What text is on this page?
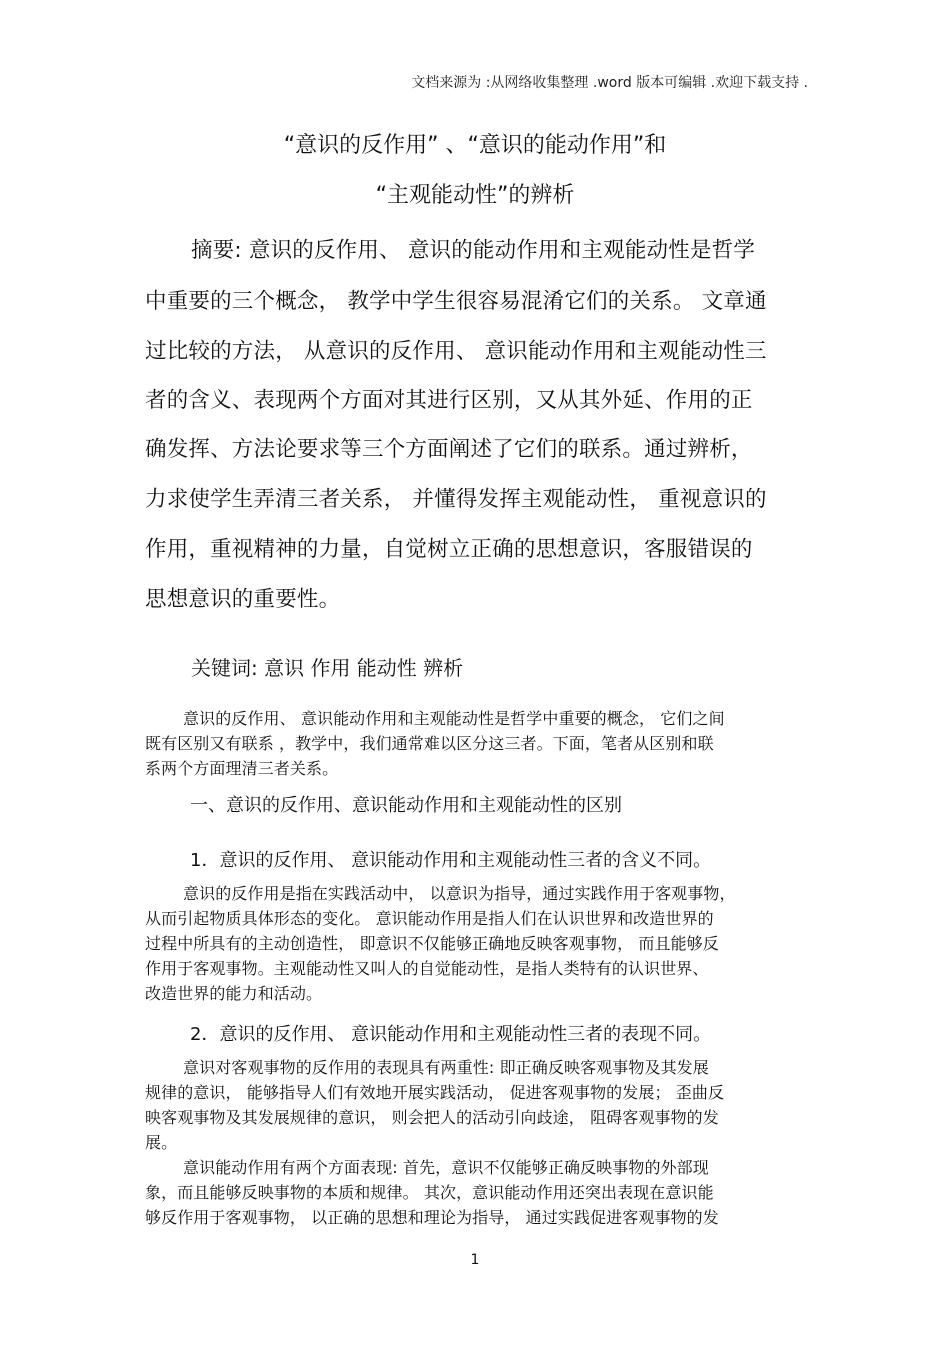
文档来源为 :从网络收集整理 .word 版本可编辑 .欢迎下载支持 .
“意识的反作用” 、“意识的能动作用”和
“主观能动性”的辨析
摘要: 意识的反作用、 意识的能动作用和主观能动性是哲学
中重要的三个概念， 教学中学生很容易混淆它们的关系。 文章通
过比较的方法， 从意识的反作用、 意识能动作用和主观能动性三
者的含义、表现两个方面对其进行区别，又从其外延、作用的正
确发挥、方法论要求等三个方面阐述了它们的联系。通过辨析，
力求使学生弄清三者关系， 并懂得发挥主观能动性， 重视意识的
作用，重视精神的力量，自觉树立正确的思想意识，客服错误的
思想意识的重要性。
关键词: 意识 作用 能动性 辨析
意识的反作用、 意识能动作用和主观能动性是哲学中重要的概念， 它们之间
既有区别又有联系 ，教学中，我们通常难以区分这三者。下面，笔者从区别和联
系两个方面理清三者关系。
一、意识的反作用、意识能动作用和主观能动性的区别
1．意识的反作用、 意识能动作用和主观能动性三者的含义不同。
意识的反作用是指在实践活动中， 以意识为指导，通过实践作用于客观事物，
从而引起物质具体形态的变化。 意识能动作用是指人们在认识世界和改造世界的
过程中所具有的主动创造性， 即意识不仅能够正确地反映客观事物， 而且能够反
作用于客观事物。主观能动性又叫人的自觉能动性，是指人类特有的认识世界、
改造世界的能力和活动。
2．意识的反作用、 意识能动作用和主观能动性三者的表现不同。
意识对客观事物的反作用的表现具有两重性: 即正确反映客观事物及其发展
规律的意识， 能够指导人们有效地开展实践活动， 促进客观事物的发展； 歪曲反
映客观事物及其发展规律的意识， 则会把人的活动引向歧途， 阻碍客观事物的发
展。
意识能动作用有两个方面表现: 首先，意识不仅能够正确反映事物的外部现
象，而且能够反映事物的本质和规律。 其次，意识能动作用还突出表现在意识能
够反作用于客观事物， 以正确的思想和理论为指导， 通过实践促进客观事物的发
1
